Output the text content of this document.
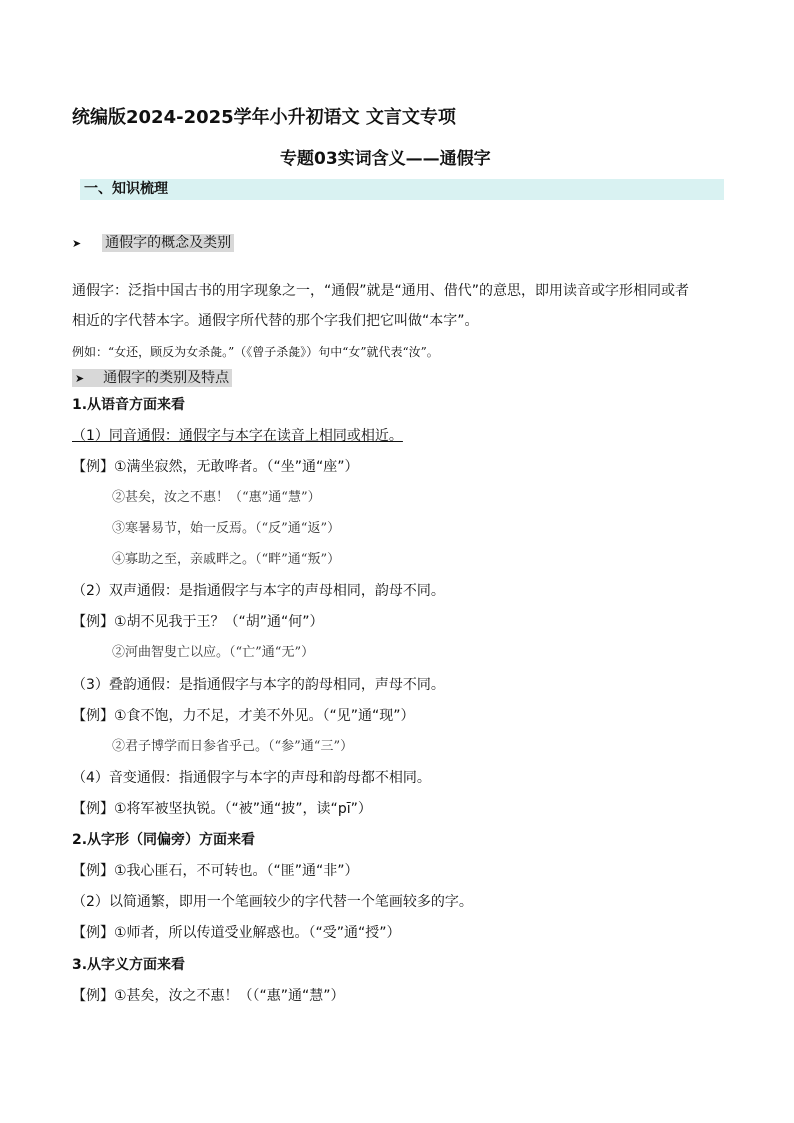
统编版2024-2025学年小升初语文 文言文专项
专题03实词含义——通假字
一、知识梳理
➤ 通假字的概念及类别
通假字：泛指中国古书的用字现象之一，“通假”就是“通用、借代”的意思，即用读音或字形相同或者
相近的字代替本字。通假字所代替的那个字我们把它叫做“本字”。
例如：“女还，顾反为女杀彘。”（《曾子杀彘》）句中“女”就代表“汝”。
➤ 通假字的类别及特点
1.从语音方面来看
（1）同音通假：通假字与本字在读音上相同或相近。
【例】①满坐寂然，无敢哗者。（“坐”通“座”）
②甚矣，汝之不惠！（“惠”通“慧”）
③寒暑易节，始一反焉。（“反”通“返”）
④寡助之至，亲戚畔之。（“畔”通“叛”）
（2）双声通假：是指通假字与本字的声母相同，韵母不同。
【例】①胡不见我于王？（“胡”通“何”）
②河曲智叟亡以应。（“亡”通“无”）
（3）叠韵通假：是指通假字与本字的韵母相同，声母不同。
【例】①食不饱，力不足，才美不外见。（“见”通“现”）
②君子博学而日参省乎己。（“参”通“三”）
（4）音变通假：指通假字与本字的声母和韵母都不相同。
【例】①将军被坚执锐。（“被”通“披”，读“pī”）
2.从字形（同偏旁）方面来看
【例】①我心匪石，不可转也。（“匪”通“非”）
（2）以简通繁，即用一个笔画较少的字代替一个笔画较多的字。
【例】①师者，所以传道受业解惑也。（“受”通“授”）
3.从字义方面来看
【例】①甚矣，汝之不惠！（（“惠”通“慧”）
